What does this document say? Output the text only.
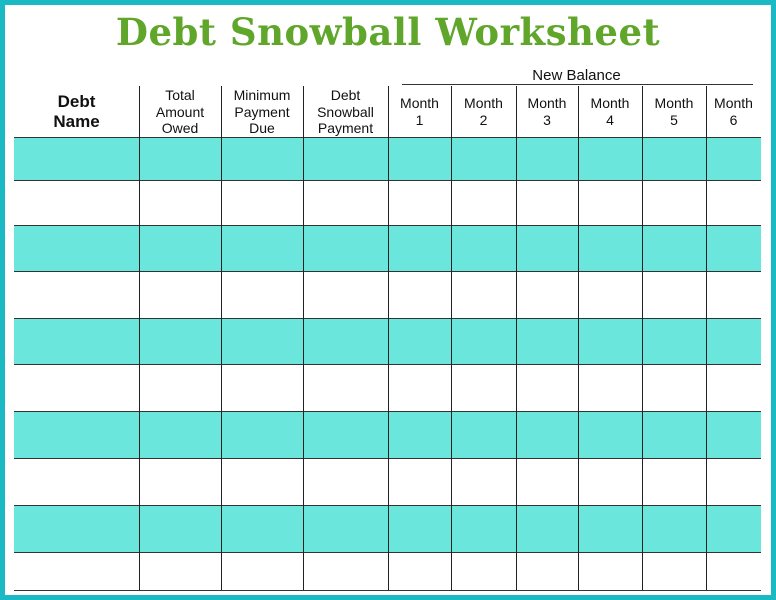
Debt Snowball Worksheet
New Balance
Debt
Name
Total
Amount
Owed
Minimum
Payment
Due
Debt
Snowball
Payment
Month
1
Month
2
Month
3
Month
4
Month
5
Month
6
